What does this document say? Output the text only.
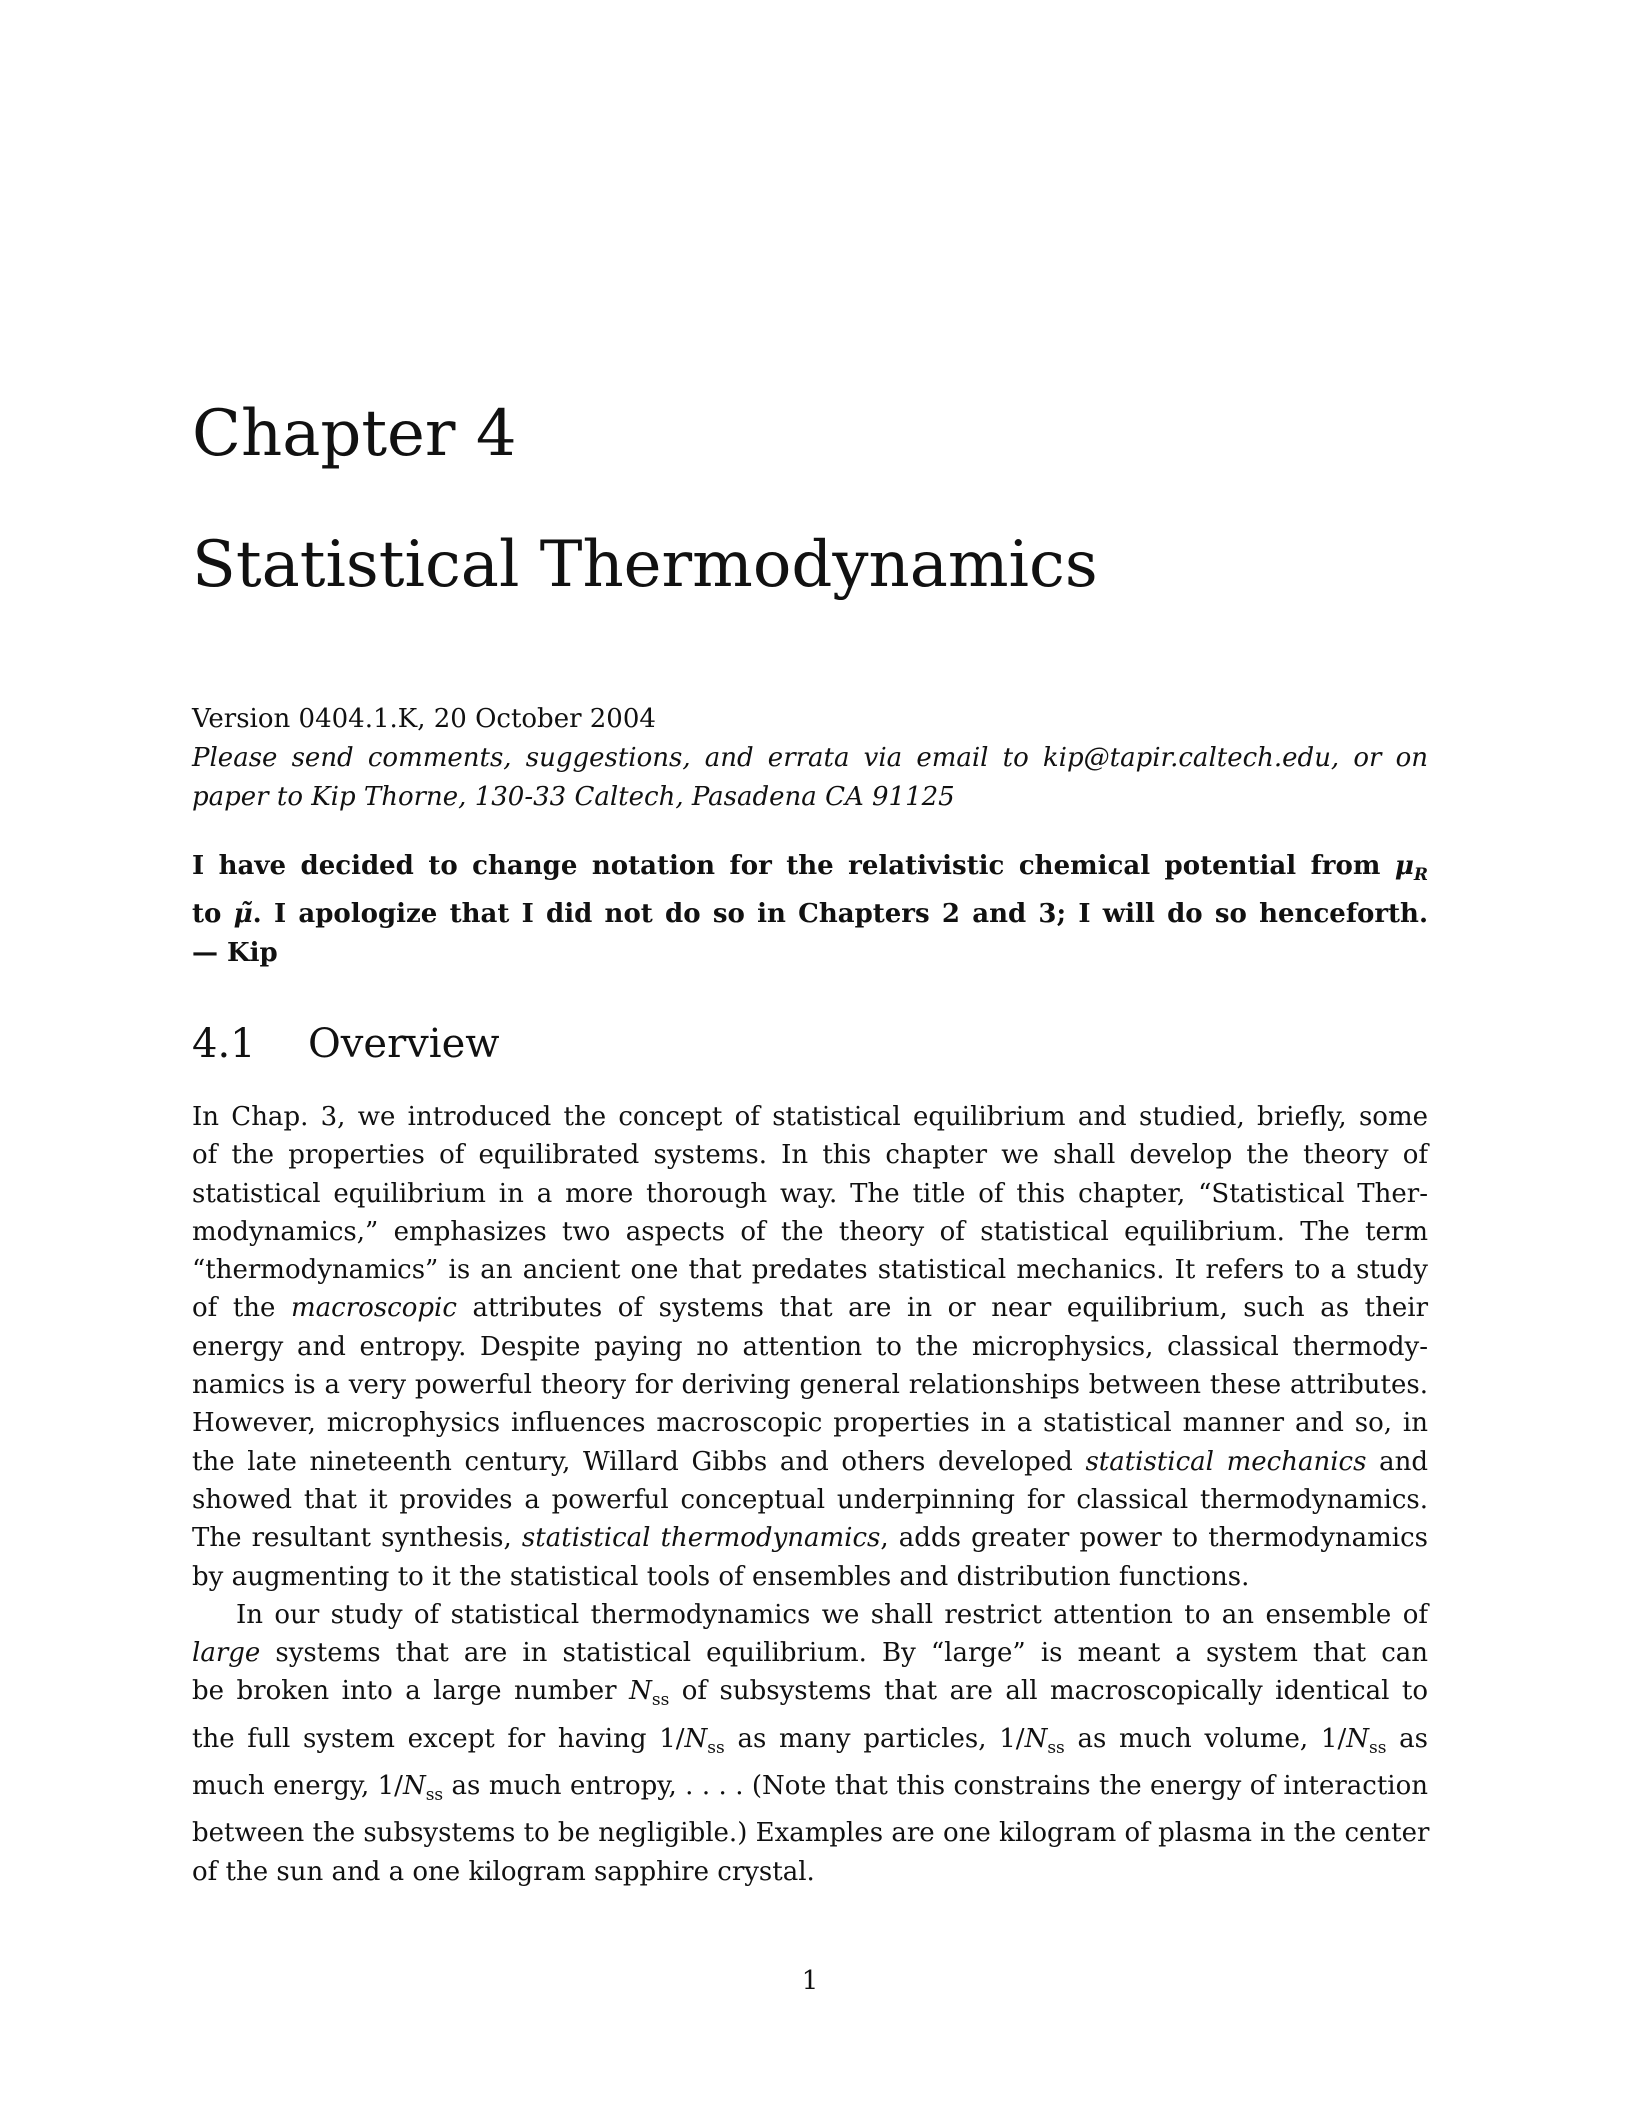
Chapter 4
Statistical Thermodynamics
Version 0404.1.K, 20 October 2004
Please send comments, suggestions, and errata via email to kip@tapir.caltech.edu, or on
paper to Kip Thorne, 130-33 Caltech, Pasadena CA 91125
I have decided to change notation for the relativistic chemical potential from $\mu_R$
to μ̃. I apologize that I did not do so in Chapters 2 and 3; I will do so henceforth.
— Kip
4.1 Overview
In Chap. 3, we introduced the concept of statistical equilibrium and studied, briefly, some
of the properties of equilibrated systems. In this chapter we shall develop the theory of
statistical equilibrium in a more thorough way. The title of this chapter, “Statistical Ther-
modynamics,” emphasizes two aspects of the theory of statistical equilibrium. The term
“thermodynamics” is an ancient one that predates statistical mechanics. It refers to a study
of the macroscopic attributes of systems that are in or near equilibrium, such as their
energy and entropy. Despite paying no attention to the microphysics, classical thermody-
namics is a very powerful theory for deriving general relationships between these attributes.
However, microphysics influences macroscopic properties in a statistical manner and so, in
the late nineteenth century, Willard Gibbs and others developed statistical mechanics and
showed that it provides a powerful conceptual underpinning for classical thermodynamics.
The resultant synthesis, statistical thermodynamics, adds greater power to thermodynamics
by augmenting to it the statistical tools of ensembles and distribution functions.
In our study of statistical thermodynamics we shall restrict attention to an ensemble of
large systems that are in statistical equilibrium. By “large” is meant a system that can
be broken into a large number $N_{ss}$ of subsystems that are all macroscopically identical to
the full system except for having $1/N_{ss}$ as many particles, $1/N_{ss}$ as much volume, $1/N_{ss}$ as
much energy, $1/N_{ss}$ as much entropy, . . . . (Note that this constrains the energy of interaction
between the subsystems to be negligible.) Examples are one kilogram of plasma in the center
of the sun and a one kilogram sapphire crystal.
1
